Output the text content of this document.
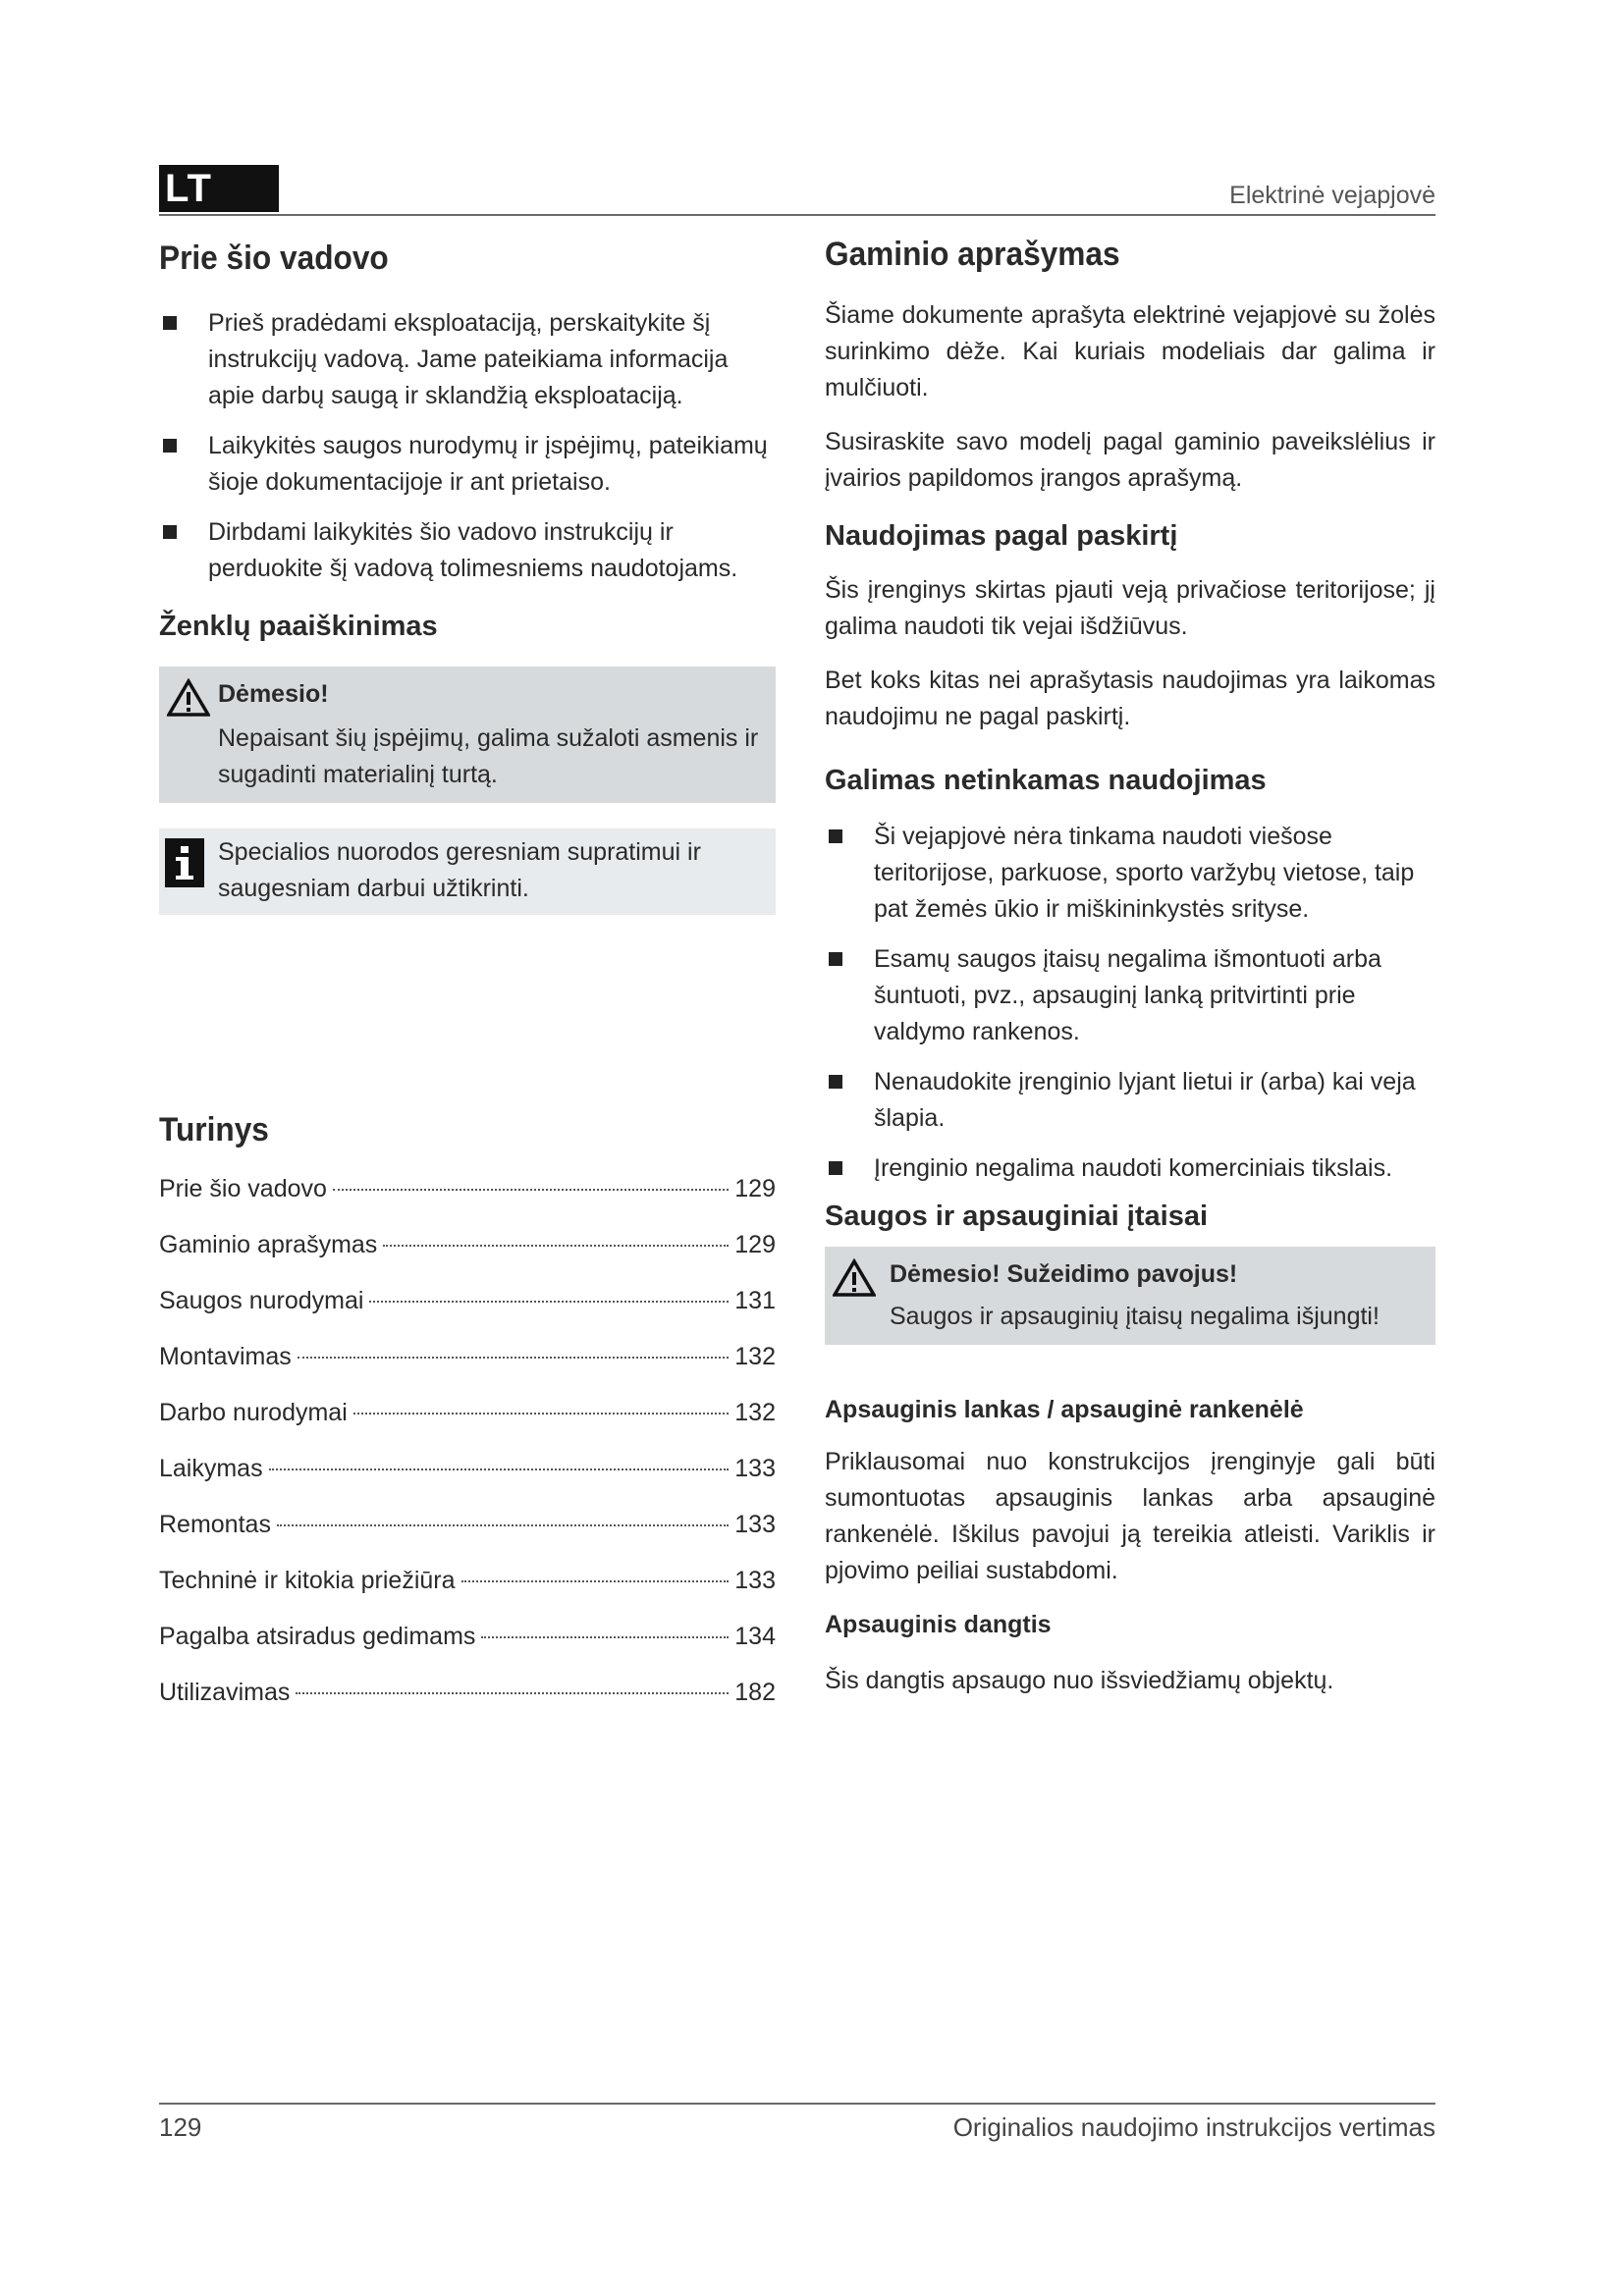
LT	Elektrinė vejapjovė
Prie šio vadovo
Prieš pradėdami eksploataciją, perskaitykite šį instrukcijų vadovą. Jame pateikiama informacija apie darbų saugą ir sklandžią eksploataciją.
Laikykitės saugos nurodymų ir įspėjimų, pateikiamų šioje dokumentacijoje ir ant prietaiso.
Dirbdami laikykitės šio vadovo instrukcijų ir perduokite šį vadovą tolimesniems naudotojams.
Ženklų paaiškinimas
Dėmesio!
Nepaisant šių įspėjimų, galima sužaloti asmenis ir sugadinti materialinį turtą.
Specialios nuorodos geresniam supratimui ir saugesniam darbui užtikrinti.
Turinys
Prie šio vadovo	129
Gaminio aprašymas	129
Saugos nurodymai	131
Montavimas	132
Darbo nurodymai	132
Laikymas	133
Remontas	133
Techninė ir kitokia priežiūra	133
Pagalba atsiradus gedimams	134
Utilizavimas	182
Gaminio aprašymas

Šiame dokumente aprašyta elektrinė vejapjovė su žolės surinkimo dėže. Kai kuriais modeliais dar galima ir mulčiuoti.

Susiraskite savo modelį pagal gaminio paveikslėlius ir įvairios papildomos įrangos aprašymą.

Naudojimas pagal paskirtį

Šis įrenginys skirtas pjauti veją privačiose teritorijose; jį galima naudoti tik vejai išdžiūvus.

Bet koks kitas nei aprašytasis naudojimas yra laikomas naudojimu ne pagal paskirtį.

Galimas netinkamas naudojimas
Ši vejapjovė nėra tinkama naudoti viešose teritorijose, parkuose, sporto varžybų vietose, taip pat žemės ūkio ir miškininkystės srityse.
Esamų saugos įtaisų negalima išmontuoti arba šuntuoti, pvz., apsauginį lanką pritvirtinti prie valdymo rankenos.
Nenaudokite įrenginio lyjant lietui ir (arba) kai veja šlapia.
Įrenginio negalima naudoti komerciniais tikslais.
Saugos ir apsauginiai įtaisai
Dėmesio! Sužeidimo pavojus!
Saugos ir apsauginių įtaisų negalima išjungti!
Apsauginis lankas / apsauginė rankenėlė

Priklausomai nuo konstrukcijos įrenginyje gali būti sumontuotas apsauginis lankas arba apsauginė rankenėlė. Iškilus pavojui ją tereikia atleisti. Variklis ir pjovimo peiliai sustabdomi.

Apsauginis dangtis

Šis dangtis apsaugo nuo išsviedžiamų objektų.

129	Originalios naudojimo instrukcijos vertimas
